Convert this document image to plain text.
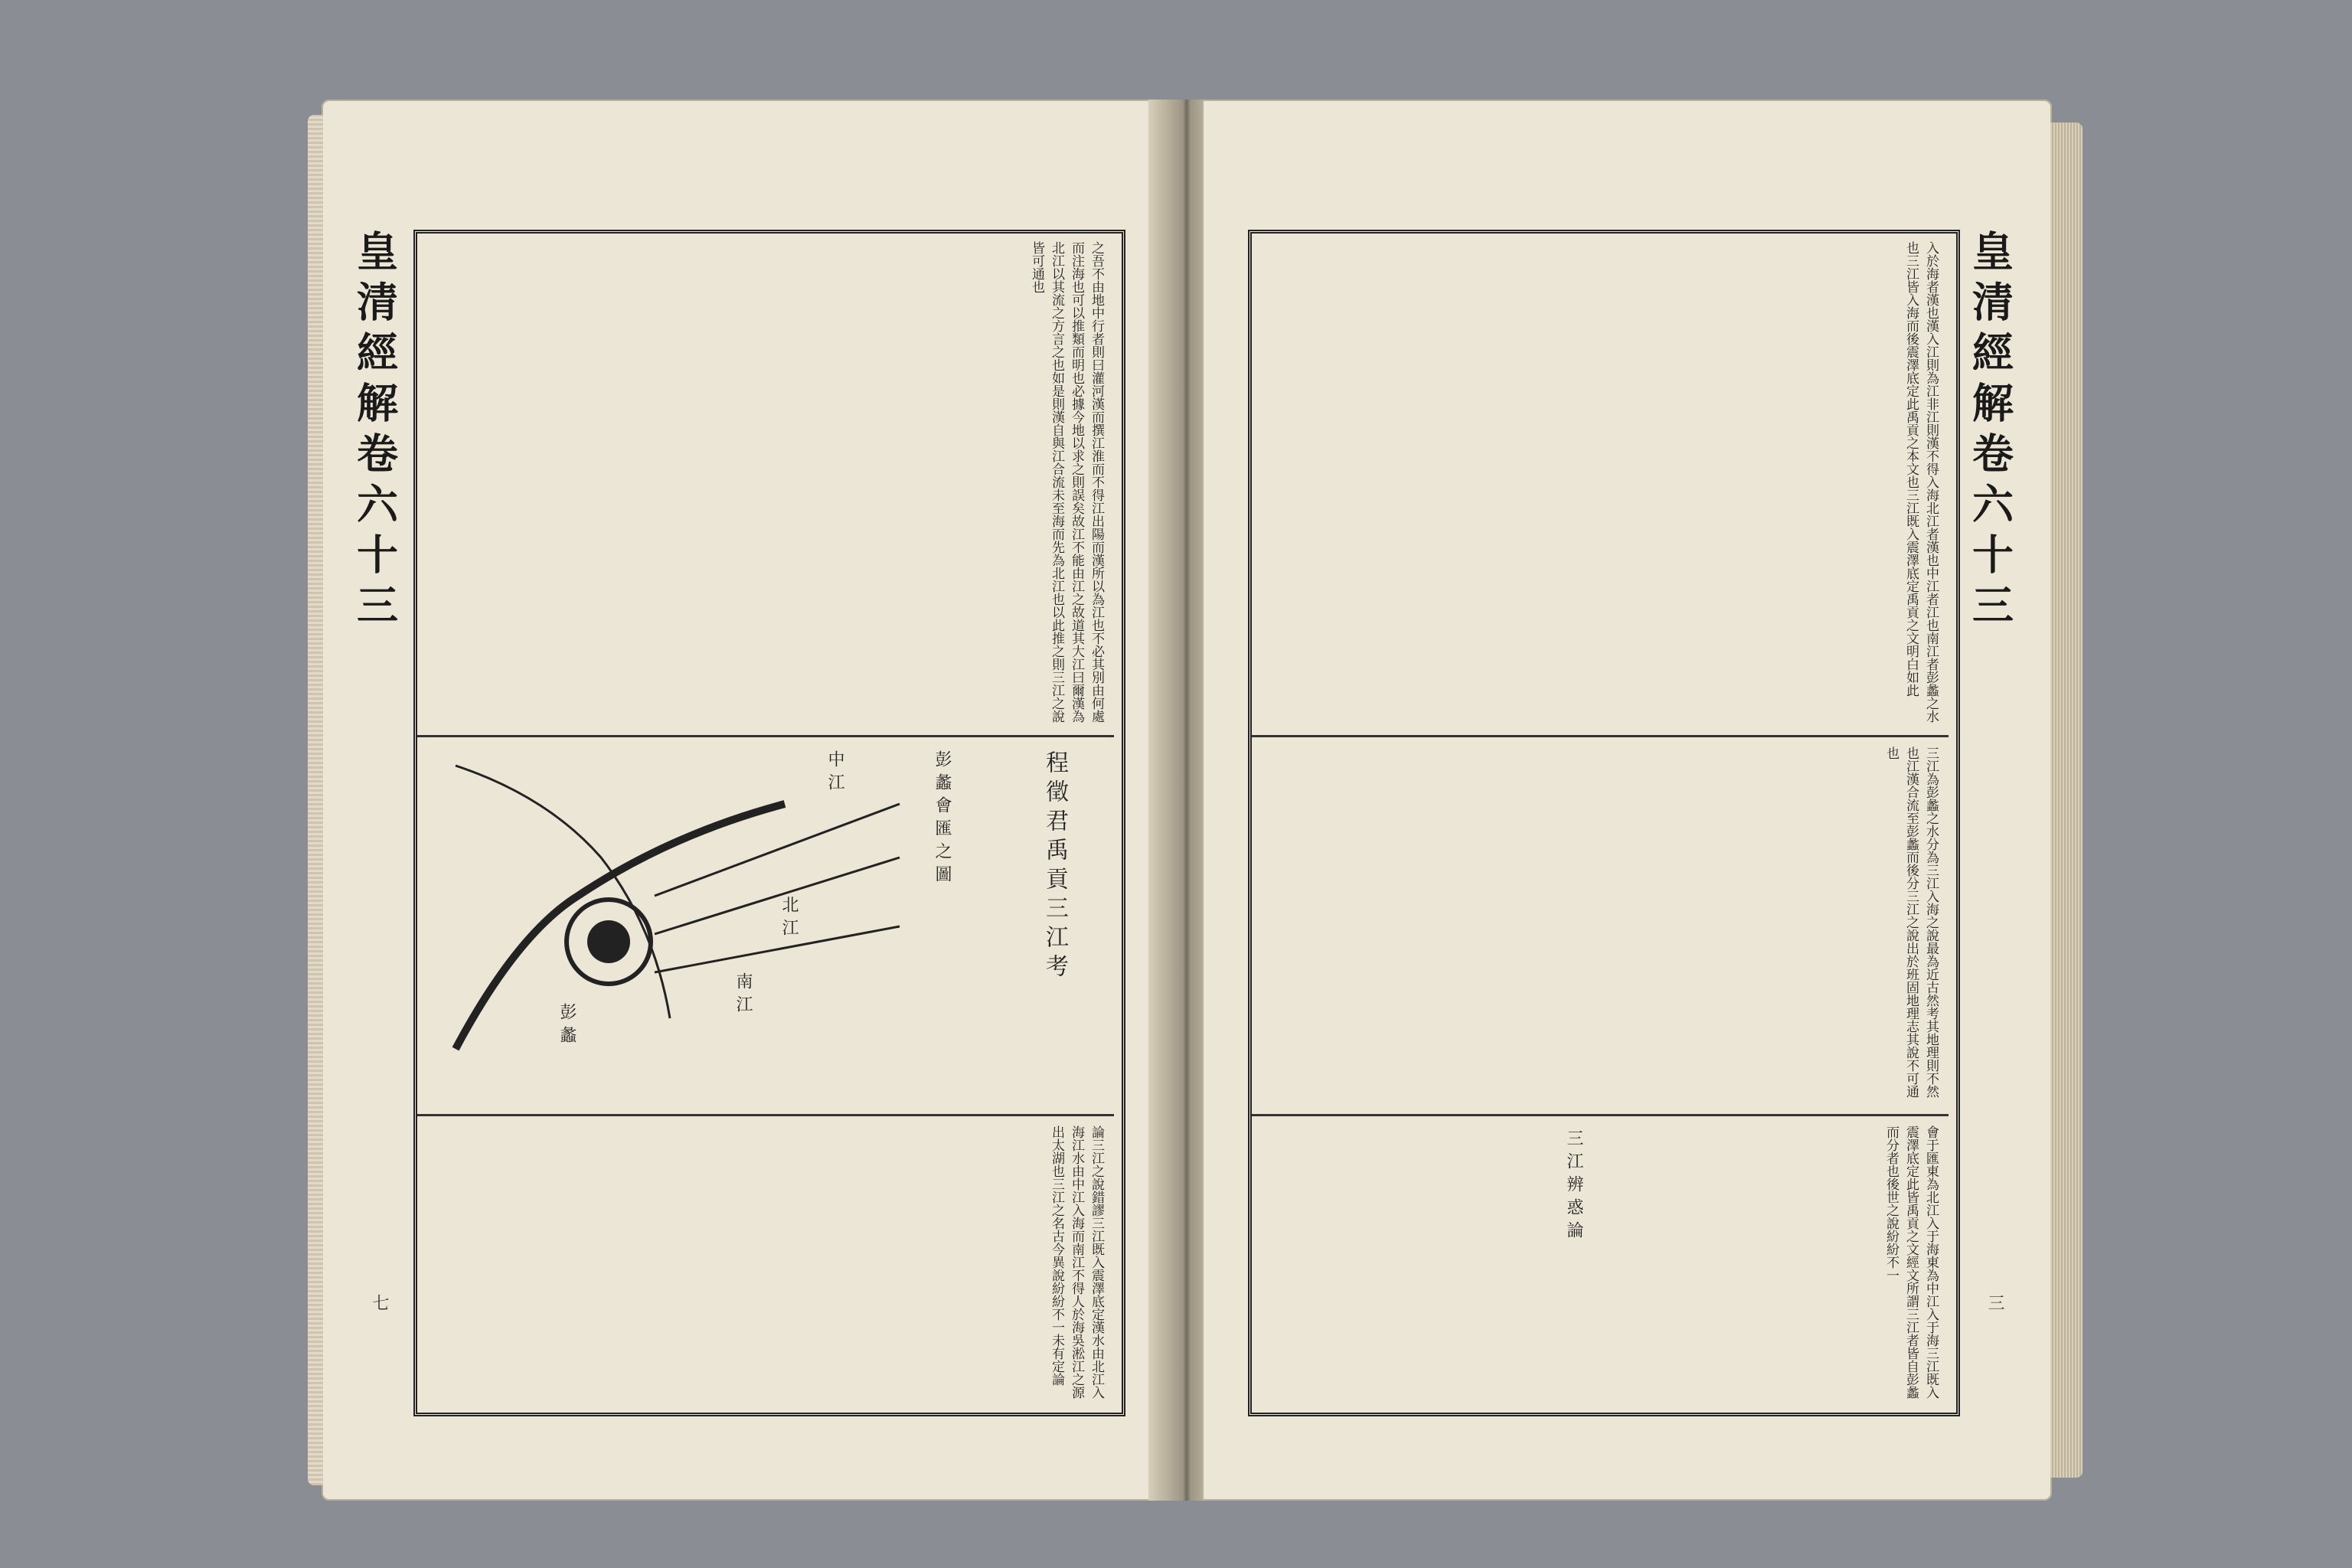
皇清經解卷六十三	之吾不由地中行者則曰灌河漢而撰江淮而不得江出陽而漢所以為江也不必其別由何處而注海也可以推類而明也必據今地以求之則誤矣故江不能由江之故道其大江曰爾漢為北江以其流之方言之也如是則漢自與江合流未至海而先為北江也以此推之則三江之說皆可通也
中江
北江
南江
彭蠡
彭蠡會匯之圖	程徵君禹貢三江考
論三江之說錯謬三江既入震澤底定漢水由北江入海江水由中江入海而南江不得人於海吳淞江之源出太湖也三江之名古今異說紛紛不一未有定論
七
皇清經解卷六十三
入於海者漢也漢入江則為江非江則漢不得入海北江者漢也中江者江也南江者彭蠡之水也三江皆入海而後震澤底定此禹貢之本文也三江既入震澤底定禹貢之文明白如此
三江為彭蠡之水分為三江入海之說最為近古然考其地理則不然也江漢合流至彭蠡而後分三江之說出於班固地理志其說不可通也
三江辨惑論	會于匯東為北江入于海東為中江入于海三江既入震澤底定此皆禹貢之文經文所謂三江者皆自彭蠡而分者也後世之說紛紛不一
三
